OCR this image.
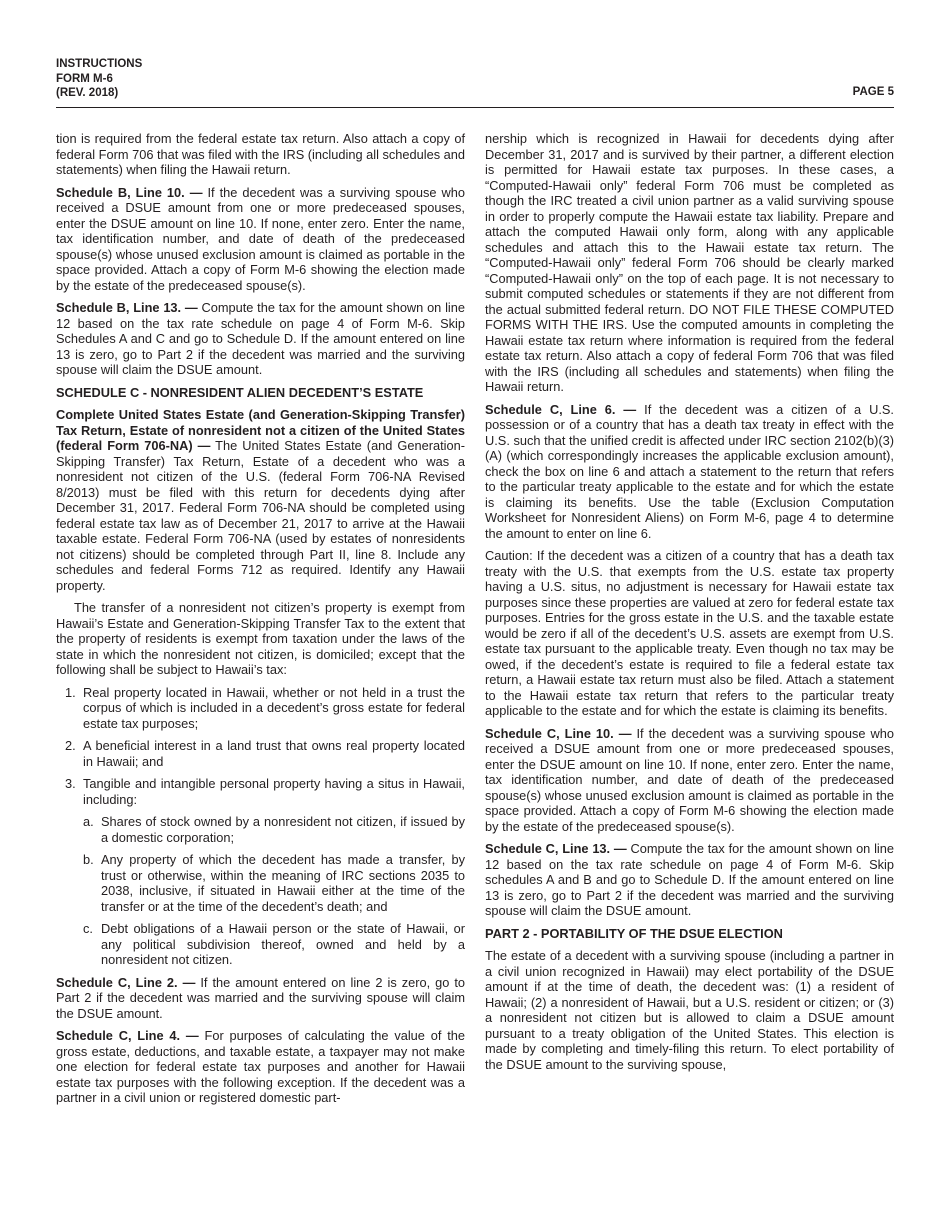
INSTRUCTIONS
FORM M-6
(REV. 2018)	PAGE 5

tion is required from the federal estate tax return. Also attach a copy of federal Form 706 that was filed with the IRS (including all schedules and statements) when filing the Hawaii return.

Schedule B, Line 10. — If the decedent was a surviving spouse who received a DSUE amount from one or more predeceased spouses, enter the DSUE amount on line 10. If none, enter zero. Enter the name, tax identification number, and date of death of the predeceased spouse(s) whose unused exclusion amount is claimed as portable in the space provided. Attach a copy of Form M-6 showing the election made by the estate of the predeceased spouse(s).

Schedule B, Line 13. — Compute the tax for the amount shown on line 12 based on the tax rate schedule on page 4 of Form M-6. Skip Schedules A and C and go to Schedule D. If the amount entered on line 13 is zero, go to Part 2 if the decedent was married and the surviving spouse will claim the DSUE amount.

SCHEDULE C - NONRESIDENT ALIEN DECEDENT’S ESTATE

Complete United States Estate (and Generation-Skipping Transfer) Tax Return, Estate of nonresident not a citizen of the United States (federal Form 706-NA) — The United States Estate (and Generation-Skipping Transfer) Tax Return, Estate of a decedent who was a nonresident not citizen of the U.S. (federal Form 706-NA Revised 8/2013) must be filed with this return for decedents dying after December 31, 2017. Federal Form 706-NA should be completed using federal estate tax law as of December 21, 2017 to arrive at the Hawaii taxable estate. Federal Form 706-NA (used by estates of nonresidents not citizens) should be completed through Part II, line 8. Include any schedules and federal Forms 712 as required. Identify any Hawaii property.

The transfer of a nonresident not citizen’s property is exempt from Hawaii’s Estate and Generation-Skipping Transfer Tax to the extent that the property of residents is exempt from taxation under the laws of the state in which the nonresident not citizen, is domiciled; except that the following shall be subject to Hawaii’s tax:

1. Real property located in Hawaii, whether or not held in a trust the corpus of which is included in a decedent’s gross estate for federal estate tax purposes;
2. A beneficial interest in a land trust that owns real property located in Hawaii; and
3. Tangible and intangible personal property having a situs in Hawaii, including:
a. Shares of stock owned by a nonresident not citizen, if issued by a domestic corporation;
b. Any property of which the decedent has made a transfer, by trust or otherwise, within the meaning of IRC sections 2035 to 2038, inclusive, if situated in Hawaii either at the time of the transfer or at the time of the decedent’s death; and
c. Debt obligations of a Hawaii person or the state of Hawaii, or any political subdivision thereof, owned and held by a nonresident not citizen.

Schedule C, Line 2. — If the amount entered on line 2 is zero, go to Part 2 if the decedent was married and the surviving spouse will claim the DSUE amount.

Schedule C, Line 4. — For purposes of calculating the value of the gross estate, deductions, and taxable estate, a taxpayer may not make one election for federal estate tax purposes and another for Hawaii estate tax purposes with the following exception. If the decedent was a partner in a civil union or registered domestic part-

nership which is recognized in Hawaii for decedents dying after December 31, 2017 and is survived by their partner, a different election is permitted for Hawaii estate tax purposes. In these cases, a “Computed-Hawaii only” federal Form 706 must be completed as though the IRC treated a civil union partner as a valid surviving spouse in order to properly compute the Hawaii estate tax liability. Prepare and attach the computed Hawaii only form, along with any applicable schedules and attach this to the Hawaii estate tax return. The “Computed-Hawaii only” federal Form 706 should be clearly marked “Computed-Hawaii only” on the top of each page. It is not necessary to submit computed schedules or statements if they are not different from the actual submitted federal return. DO NOT FILE THESE COMPUTED FORMS WITH THE IRS. Use the computed amounts in completing the Hawaii estate tax return where information is required from the federal estate tax return. Also attach a copy of federal Form 706 that was filed with the IRS (including all schedules and statements) when filing the Hawaii return.

Schedule C, Line 6. — If the decedent was a citizen of a U.S. possession or of a country that has a death tax treaty in effect with the U.S. such that the unified credit is affected under IRC section 2102(b)(3)(A) (which correspondingly increases the applicable exclusion amount), check the box on line 6 and attach a statement to the return that refers to the particular treaty applicable to the estate and for which the estate is claiming its benefits. Use the table (Exclusion Computation Worksheet for Nonresident Aliens) on Form M-6, page 4 to determine the amount to enter on line 6.

Caution: If the decedent was a citizen of a country that has a death tax treaty with the U.S. that exempts from the U.S. estate tax property having a U.S. situs, no adjustment is necessary for Hawaii estate tax purposes since these properties are valued at zero for federal estate tax purposes. Entries for the gross estate in the U.S. and the taxable estate would be zero if all of the decedent’s U.S. assets are exempt from U.S. estate tax pursuant to the applicable treaty. Even though no tax may be owed, if the decedent’s estate is required to file a federal estate tax return, a Hawaii estate tax return must also be filed. Attach a statement to the Hawaii estate tax return that refers to the particular treaty applicable to the estate and for which the estate is claiming its benefits.

Schedule C, Line 10. — If the decedent was a surviving spouse who received a DSUE amount from one or more predeceased spouses, enter the DSUE amount on line 10. If none, enter zero. Enter the name, tax identification number, and date of death of the predeceased spouse(s) whose unused exclusion amount is claimed as portable in the space provided. Attach a copy of Form M-6 showing the election made by the estate of the predeceased spouse(s).

Schedule C, Line 13. — Compute the tax for the amount shown on line 12 based on the tax rate schedule on page 4 of Form M-6. Skip schedules A and B and go to Schedule D. If the amount entered on line 13 is zero, go to Part 2 if the decedent was married and the surviving spouse will claim the DSUE amount.

PART 2 - PORTABILITY OF THE DSUE ELECTION

The estate of a decedent with a surviving spouse (including a partner in a civil union recognized in Hawaii) may elect portability of the DSUE amount if at the time of death, the decedent was: (1) a resident of Hawaii; (2) a nonresident of Hawaii, but a U.S. resident or citizen; or (3) a nonresident not citizen but is allowed to claim a DSUE amount pursuant to a treaty obligation of the United States. This election is made by completing and timely-filing this return. To elect portability of the DSUE amount to the surviving spouse,
